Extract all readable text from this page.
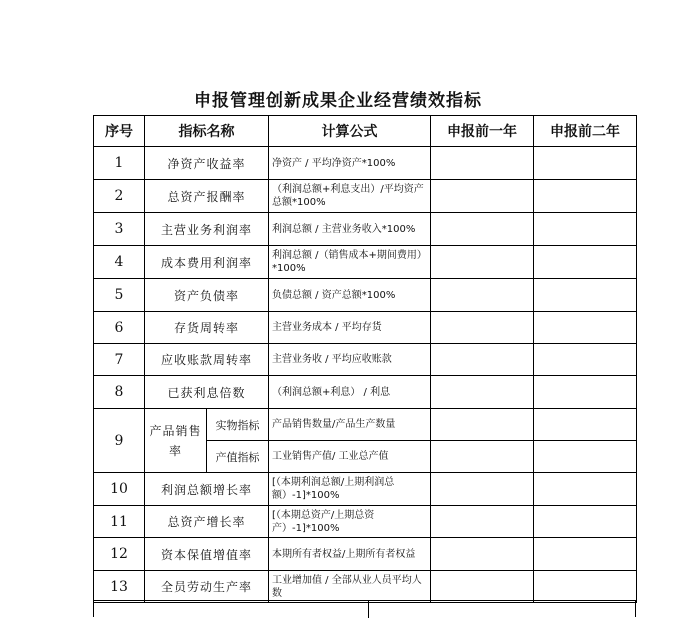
申报管理创新成果企业经营绩效指标
序号	指标名称		计算公式	申报前一年	申报前二年
1	净资产收益率		净资产 / 平均净资产*100%		
2	总资产报酬率		（利润总额+利息支出）/平均资产总额*100%		
3	主营业务利润率		利润总额 / 主营业务收入*100%		
4	成本费用利润率		利润总额 /（销售成本+期间费用）*100%		
5	资产负债率		负债总额 / 资产总额*100%		
6	存货周转率		主营业务成本 / 平均存货		
7	应收账款周转率		主营业务收 / 平均应收账款		
8	已获利息倍数		（利润总额+利息） / 利息		
9	产品销售率	实物指标	产品销售数量/产品生产数量		
		产值指标	工业销售产值/ 工业总产值		
10	利润总额增长率		[（本期利润总额/上期利润总额）-1]*100%		
11	总资产增长率		[（本期总资产/上期总资产）-1]*100%		
12	资本保值增值率		本期所有者权益/上期所有者权益		
13	全员劳动生产率		工业增加值 / 全部从业人员平均人数		
